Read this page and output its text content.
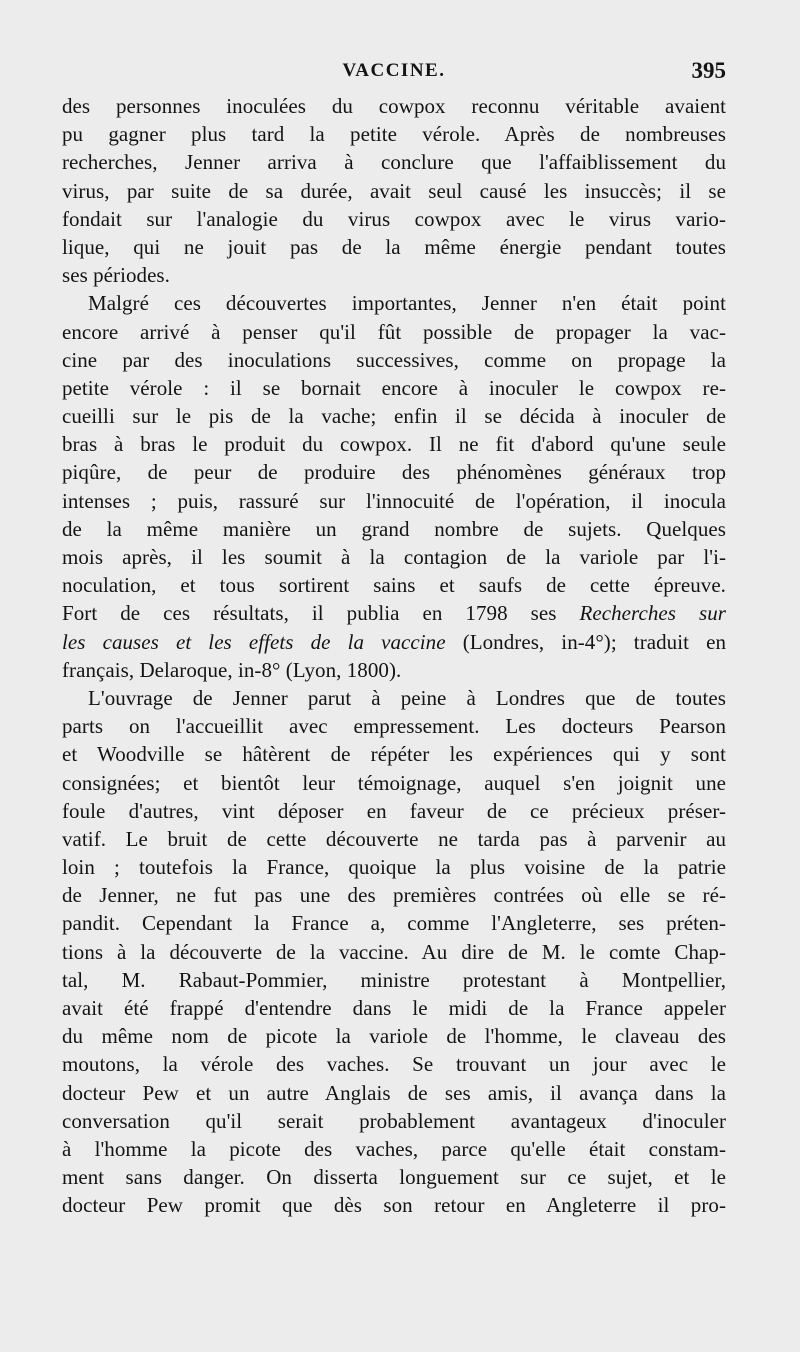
VACCINE.	395
des personnes inoculées du cowpox reconnu véritable avaient
pu gagner plus tard la petite vérole. Après de nombreuses
recherches, Jenner arriva à conclure que l'affaiblissement du
virus, par suite de sa durée, avait seul causé les insuccès; il se
fondait sur l'analogie du virus cowpox avec le virus vario-
lique, qui ne jouit pas de la même énergie pendant toutes
ses périodes.
Malgré ces découvertes importantes, Jenner n'en était point
encore arrivé à penser qu'il fût possible de propager la vac-
cine par des inoculations successives, comme on propage la
petite vérole : il se bornait encore à inoculer le cowpox re-
cueilli sur le pis de la vache; enfin il se décida à inoculer de
bras à bras le produit du cowpox. Il ne fit d'abord qu'une seule
piqûre, de peur de produire des phénomènes généraux trop
intenses ; puis, rassuré sur l'innocuité de l'opération, il inocula
de la même manière un grand nombre de sujets. Quelques
mois après, il les soumit à la contagion de la variole par l'i-
noculation, et tous sortirent sains et saufs de cette épreuve.
Fort de ces résultats, il publia en 1798 ses Recherches sur
les causes et les effets de la vaccine (Londres, in-4°); traduit en
français, Delaroque, in-8° (Lyon, 1800).
L'ouvrage de Jenner parut à peine à Londres que de toutes
parts on l'accueillit avec empressement. Les docteurs Pearson
et Woodville se hâtèrent de répéter les expériences qui y sont
consignées; et bientôt leur témoignage, auquel s'en joignit une
foule d'autres, vint déposer en faveur de ce précieux préser-
vatif. Le bruit de cette découverte ne tarda pas à parvenir au
loin ; toutefois la France, quoique la plus voisine de la patrie
de Jenner, ne fut pas une des premières contrées où elle se ré-
pandit. Cependant la France a, comme l'Angleterre, ses préten-
tions à la découverte de la vaccine. Au dire de M. le comte Chap-
tal, M. Rabaut-Pommier, ministre protestant à Montpellier,
avait été frappé d'entendre dans le midi de la France appeler
du même nom de picote la variole de l'homme, le claveau des
moutons, la vérole des vaches. Se trouvant un jour avec le
docteur Pew et un autre Anglais de ses amis, il avança dans la
conversation qu'il serait probablement avantageux d'inoculer
à l'homme la picote des vaches, parce qu'elle était constam-
ment sans danger. On disserta longuement sur ce sujet, et le
docteur Pew promit que dès son retour en Angleterre il pro-
